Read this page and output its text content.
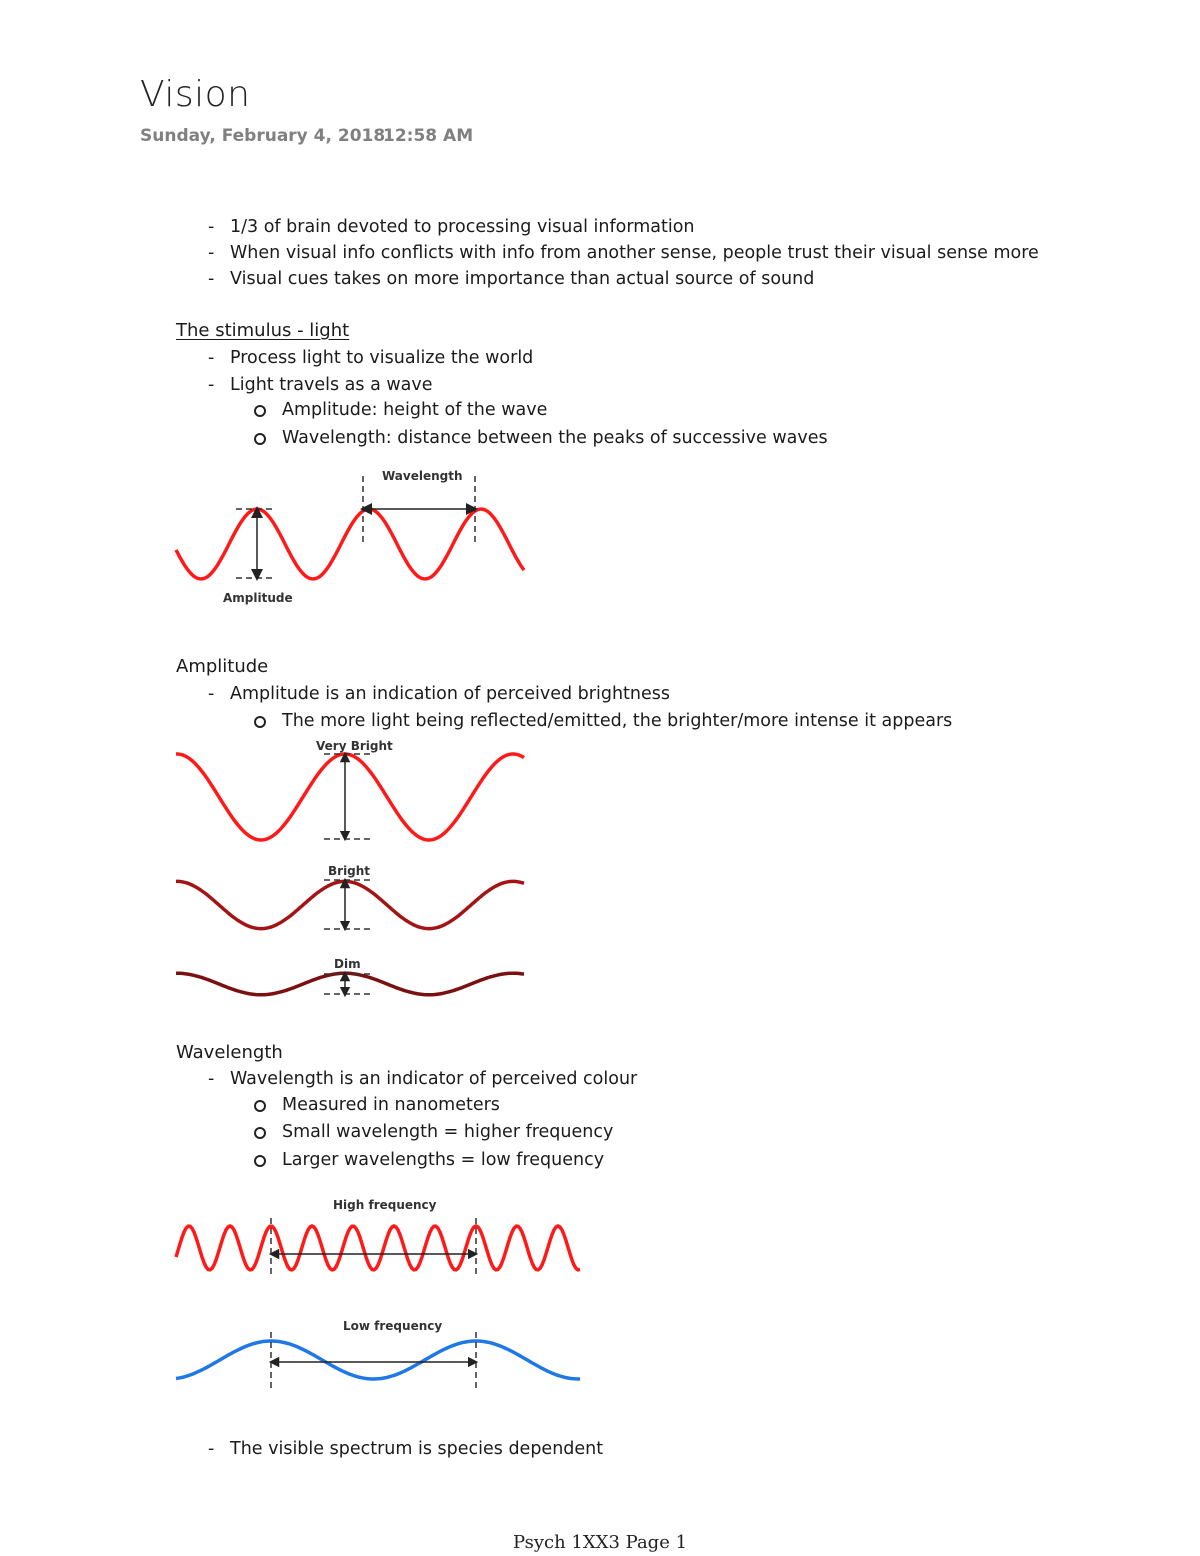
Vision
Sunday, February 4, 2018
12:58 AM
- 1/3 of brain devoted to processing visual information
- When visual info conflicts with info from another sense, people trust their visual sense more
- Visual cues takes on more importance than actual source of sound
The stimulus - light
- Process light to visualize the world
- Light travels as a wave
Amplitude: height of the wave
Wavelength: distance between the peaks of successive waves
Wavelength
Amplitude
Amplitude
- Amplitude is an indication of perceived brightness
The more light being reflected/emitted, the brighter/more intense it appears
Very Bright
Bright
Dim
Wavelength
- Wavelength is an indicator of perceived colour
Measured in nanometers
Small wavelength = higher frequency
Larger wavelengths = low frequency
High frequency
Low frequency
- The visible spectrum is species dependent
Psych 1XX3 Page 1
